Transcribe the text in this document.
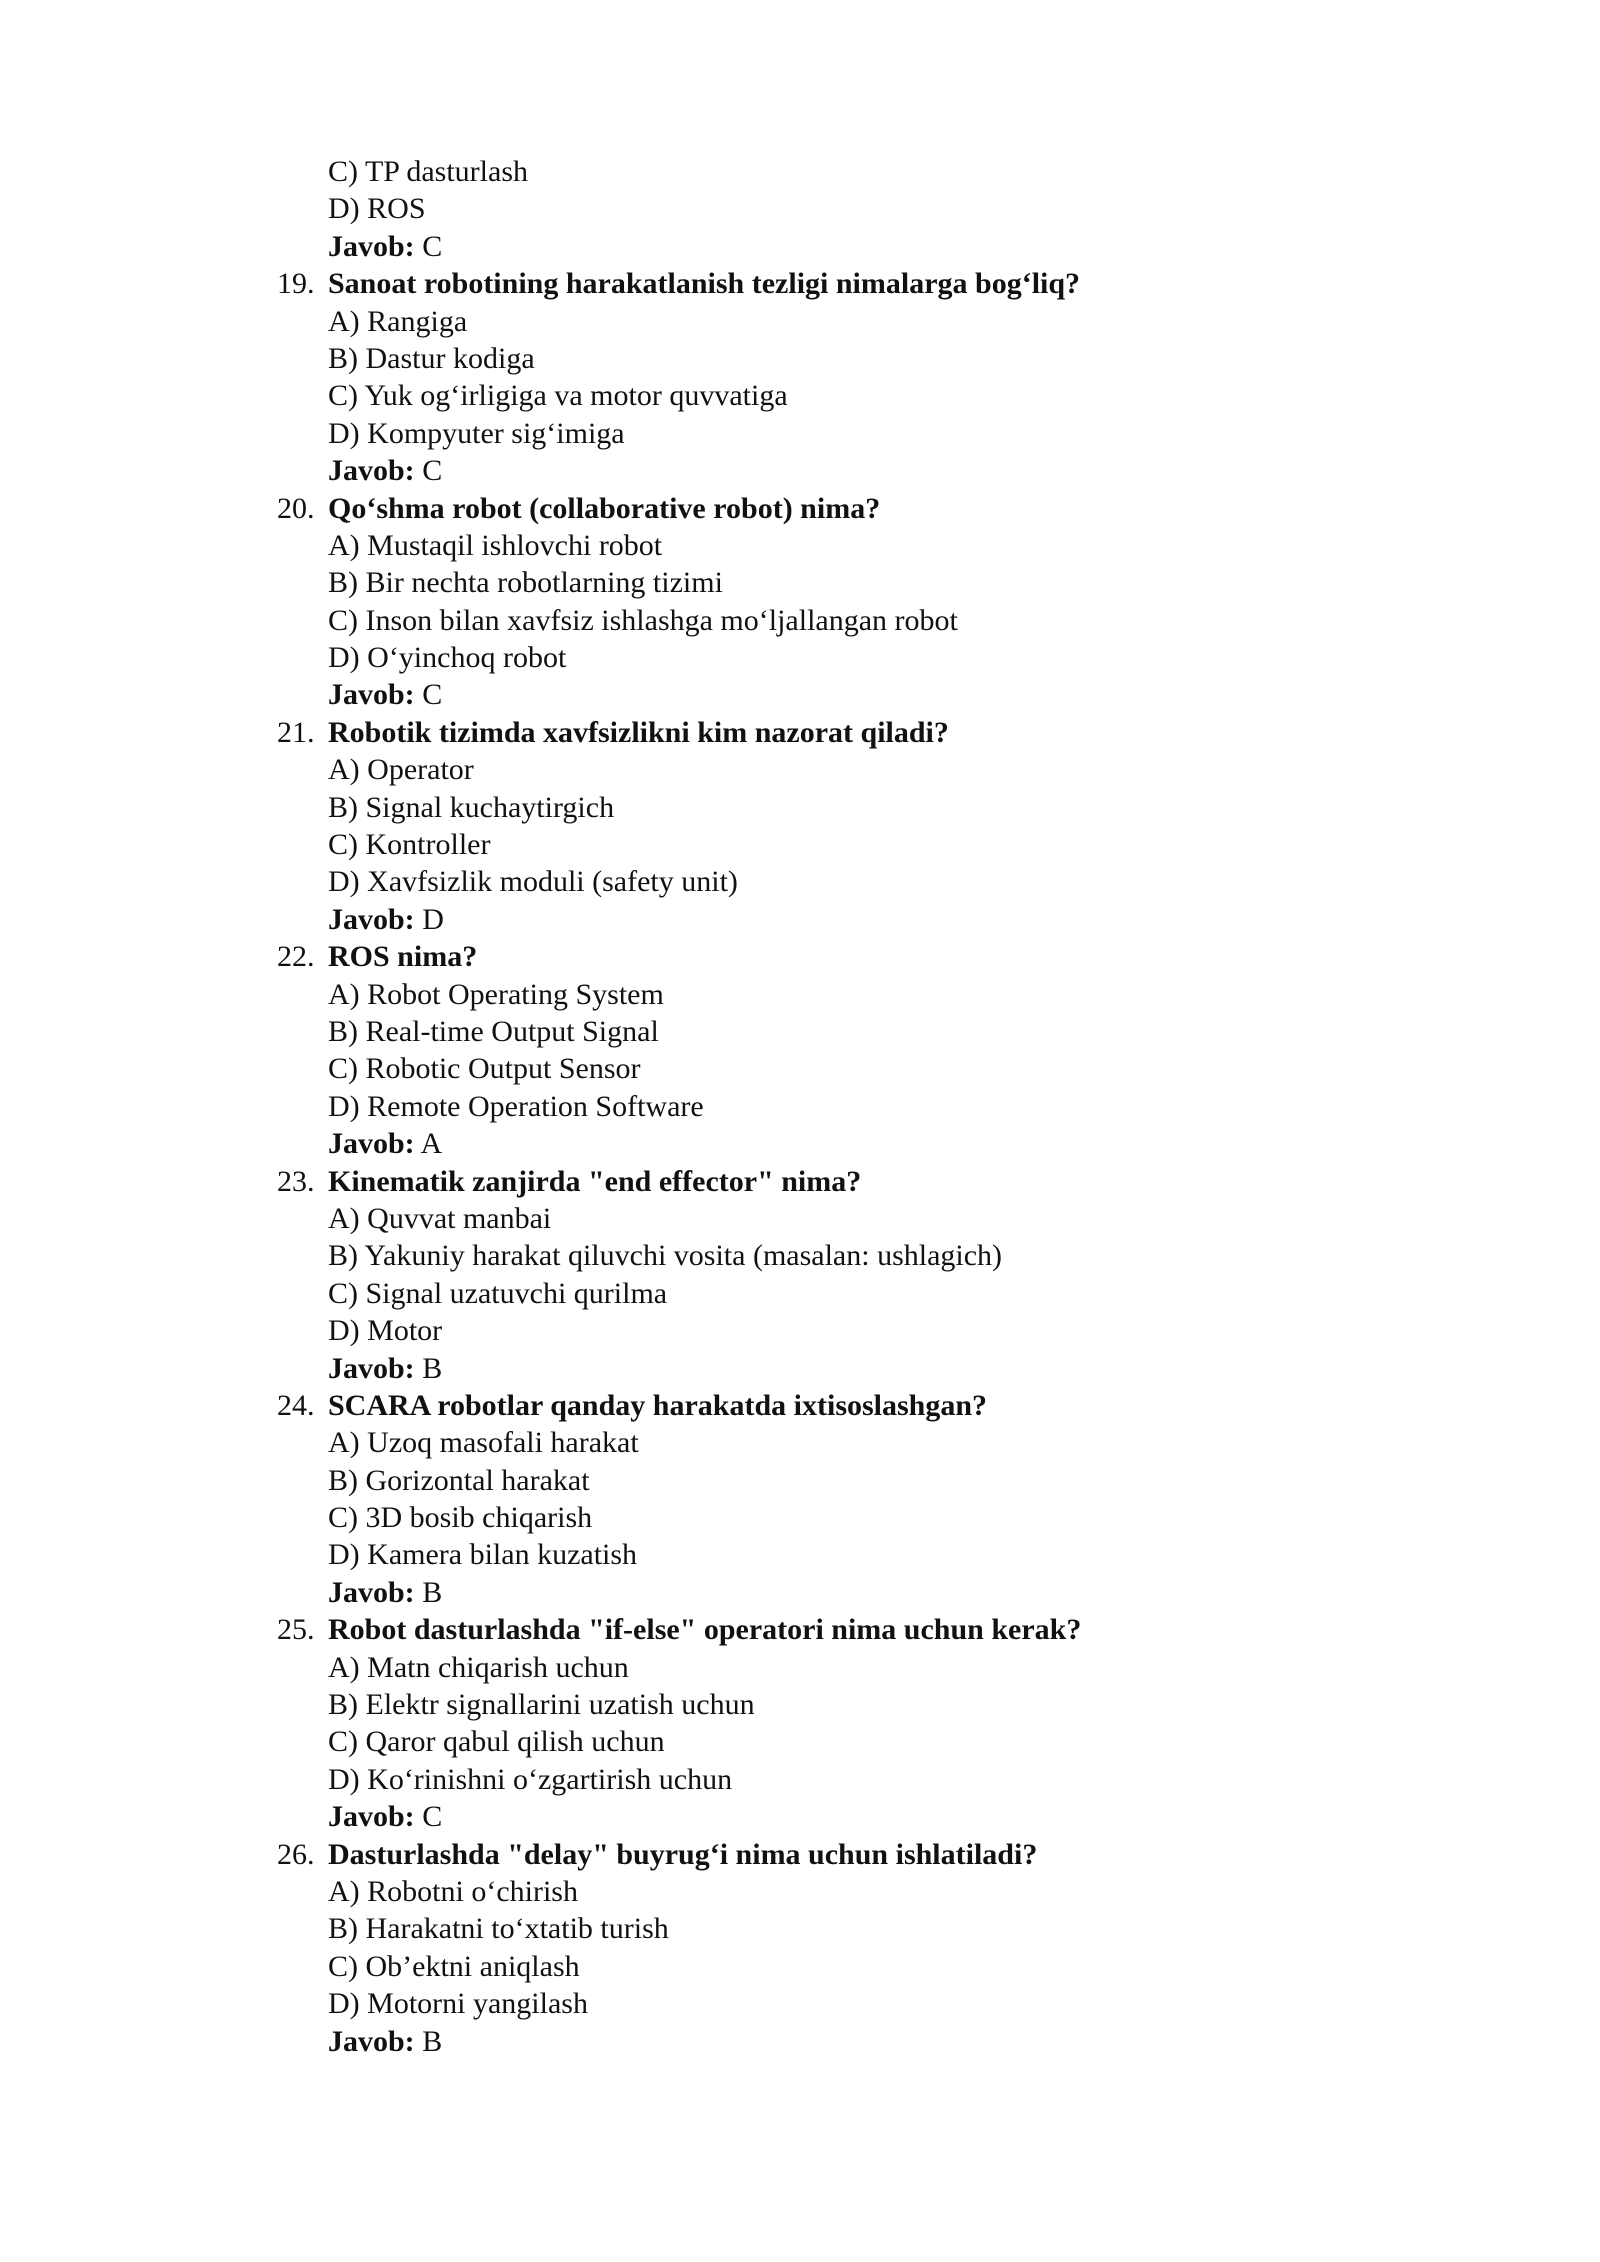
C) TP dasturlash
D) ROS
Javob: C
19. Sanoat robotining harakatlanish tezligi nimalarga bog‘liq?
A) Rangiga
B) Dastur kodiga
C) Yuk og‘irligiga va motor quvvatiga
D) Kompyuter sig‘imiga
Javob: C
20. Qo‘shma robot (collaborative robot) nima?
A) Mustaqil ishlovchi robot
B) Bir nechta robotlarning tizimi
C) Inson bilan xavfsiz ishlashga mo‘ljallangan robot
D) O‘yinchoq robot
Javob: C
21. Robotik tizimda xavfsizlikni kim nazorat qiladi?
A) Operator
B) Signal kuchaytirgich
C) Kontroller
D) Xavfsizlik moduli (safety unit)
Javob: D
22. ROS nima?
A) Robot Operating System
B) Real-time Output Signal
C) Robotic Output Sensor
D) Remote Operation Software
Javob: A
23. Kinematik zanjirda "end effector" nima?
A) Quvvat manbai
B) Yakuniy harakat qiluvchi vosita (masalan: ushlagich)
C) Signal uzatuvchi qurilma
D) Motor
Javob: B
24. SCARA robotlar qanday harakatda ixtisoslashgan?
A) Uzoq masofali harakat
B) Gorizontal harakat
C) 3D bosib chiqarish
D) Kamera bilan kuzatish
Javob: B
25. Robot dasturlashda "if-else" operatori nima uchun kerak?
A) Matn chiqarish uchun
B) Elektr signallarini uzatish uchun
C) Qaror qabul qilish uchun
D) Ko‘rinishni o‘zgartirish uchun
Javob: C
26. Dasturlashda "delay" buyrug‘i nima uchun ishlatiladi?
A) Robotni o‘chirish
B) Harakatni to‘xtatib turish
C) Ob’ektni aniqlash
D) Motorni yangilash
Javob: B
